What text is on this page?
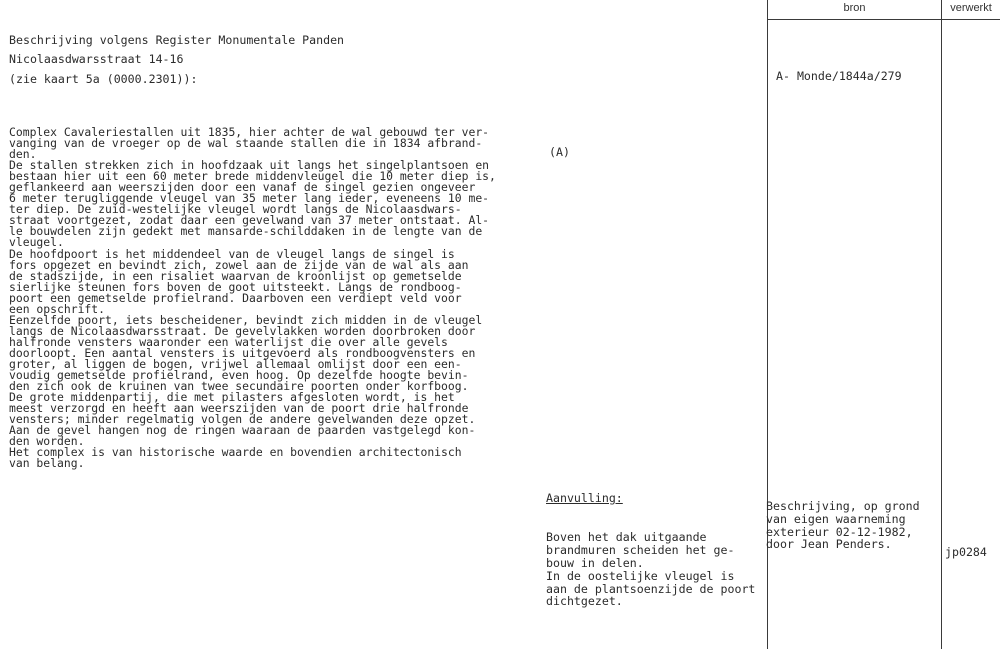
bron	verwerkt

Beschrijving volgens Register Monumentale Panden

(zie kaart 5a (0000.2301)):

Nicolaasdwarsstraat 14-16
A- Monde/1844a/279
(A)
Complex Cavaleriestallen uit 1835, hier achter de wal gebouwd ter ver-
vanging van de vroeger op de wal staande stallen die in 1834 afbrand-
den.
De stallen strekken zich in hoofdzaak uit langs het singelplantsoen en
bestaan hier uit een 60 meter brede middenvleugel die 10 meter diep is,
geflankeerd aan weerszijden door een vanaf de singel gezien ongeveer
6 meter terugliggende vleugel van 35 meter lang ieder, eveneens 10 me-
ter diep. De zuid-westelijke vleugel wordt langs de Nicolaasdwars-
straat voortgezet, zodat daar een gevelwand van 37 meter ontstaat. Al-
le bouwdelen zijn gedekt met mansarde-schilddaken in de lengte van de
vleugel.
De hoofdpoort is het middendeel van de vleugel langs de singel is
fors opgezet en bevindt zich, zowel aan de zijde van de wal als aan
de stadszijde, in een risaliet waarvan de kroonlijst op gemetselde
sierlijke steunen fors boven de goot uitsteekt. Langs de rondboog-
poort een gemetselde profielrand. Daarboven een verdiept veld voor
een opschrift.
Eenzelfde poort, iets bescheidener, bevindt zich midden in de vleugel
langs de Nicolaasdwarsstraat. De gevelvlakken worden doorbroken door
halfronde vensters waaronder een waterlijst die over alle gevels
doorloopt. Een aantal vensters is uitgevoerd als rondboogvensters en
groter, al liggen de bogen, vrijwel allemaal omlijst door een een-
voudig gemetselde profielrand, even hoog. Op dezelfde hoogte bevin-
den zich ook de kruinen van twee secundaire poorten onder korfboog.
De grote middenpartij, die met pilasters afgesloten wordt, is het
meest verzorgd en heeft aan weerszijden van de poort drie halfronde
vensters; minder regelmatig volgen de andere gevelwanden deze opzet.
Aan de gevel hangen nog de ringen waaraan de paarden vastgelegd kon-
den worden.
Het complex is van historische waarde en bovendien architectonisch
van belang.

Aanvulling:

Boven het dak uitgaande
brandmuren scheiden het ge-
bouw in delen.
In de oostelijke vleugel is
aan de plantsoenzijde de poort
dichtgezet.

Beschrijving, op grond
van eigen waarneming
exterieur 02-12-1982,
door Jean Penders.
jp0284
